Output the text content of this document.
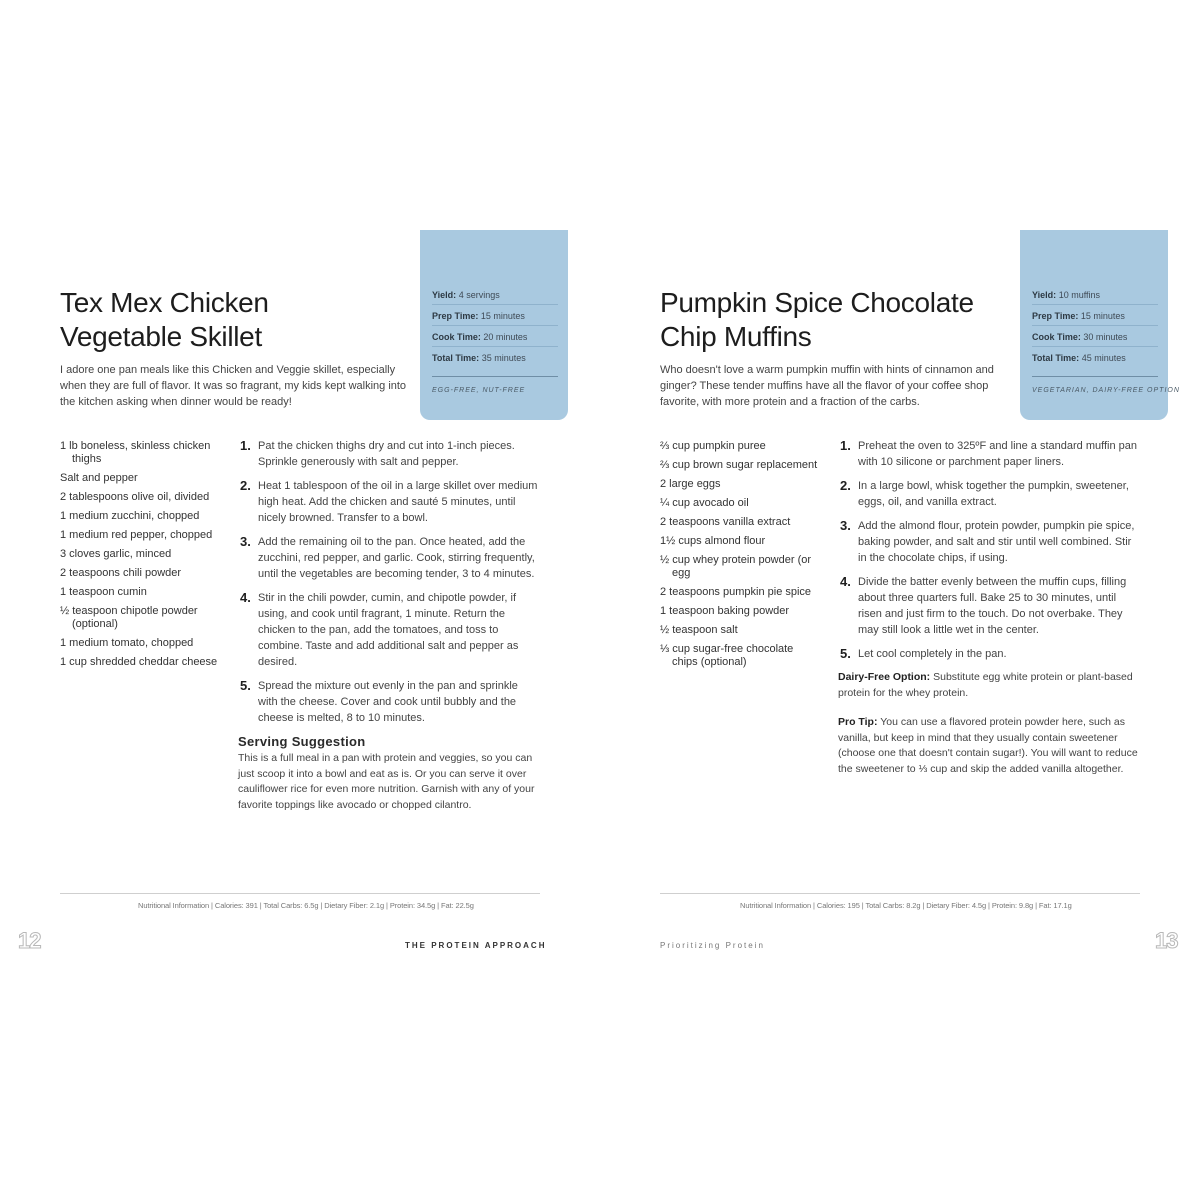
Yield: 4 servings
Prep Time: 15 minutes
Cook Time: 20 minutes
Total Time: 35 minutes
EGG-FREE, NUT-FREE
Tex Mex Chicken
Vegetable Skillet

I adore one pan meals like this Chicken and Veggie skillet, especially when they are full of flavor. It was so fragrant, my kids kept walking into the kitchen asking when dinner would be ready!

1 lb boneless, skinless chicken thighs
Salt and pepper
2 tablespoons olive oil, divided
1 medium zucchini, chopped
1 medium red pepper, chopped
3 cloves garlic, minced
2 teaspoons chili powder
1 teaspoon cumin
½ teaspoon chipotle powder (optional)
1 medium tomato, chopped
1 cup shredded cheddar cheese
1. Pat the chicken thighs dry and cut into 1-inch pieces. Sprinkle generously with salt and pepper.
2. Heat 1 tablespoon of the oil in a large skillet over medium high heat. Add the chicken and sauté 5 minutes, until nicely browned. Transfer to a bowl.
3. Add the remaining oil to the pan. Once heated, add the zucchini, red pepper, and garlic. Cook, stirring frequently, until the vegetables are becoming tender, 3 to 4 minutes.
4. Stir in the chili powder, cumin, and chipotle powder, if using, and cook until fragrant, 1 minute. Return the chicken to the pan, add the tomatoes, and toss to combine. Taste and add additional salt and pepper as desired.
5. Spread the mixture out evenly in the pan and sprinkle with the cheese. Cover and cook until bubbly and the cheese is melted, 8 to 10 minutes.
Serving Suggestion
This is a full meal in a pan with protein and veggies, so you can just scoop it into a bowl and eat as is. Or you can serve it over cauliflower rice for even more nutrition. Garnish with any of your favorite toppings like avocado or chopped cilantro.
Nutritional Information | Calories: 391 | Total Carbs: 6.5g | Dietary Fiber: 2.1g | Protein: 34.5g | Fat: 22.5g
12	THE PROTEIN APPROACH
Yield: 10 muffins
Prep Time: 15 minutes
Cook Time: 30 minutes
Total Time: 45 minutes
VEGETARIAN, DAIRY-FREE OPTION
Pumpkin Spice Chocolate
Chip Muffins

Who doesn't love a warm pumpkin muffin with hints of cinnamon and ginger? These tender muffins have all the flavor of your coffee shop favorite, with more protein and a fraction of the carbs.

⅔ cup pumpkin puree
⅔ cup brown sugar replacement
2 large eggs
¼ cup avocado oil
2 teaspoons vanilla extract
1½ cups almond flour
½ cup whey protein powder (or egg
2 teaspoons pumpkin pie spice
1 teaspoon baking powder
½ teaspoon salt
⅓ cup sugar-free chocolate chips (optional)
1. Preheat the oven to 325ºF and line a standard muffin pan with 10 silicone or parchment paper liners.
2. In a large bowl, whisk together the pumpkin, sweetener, eggs, oil, and vanilla extract.
3. Add the almond flour, protein powder, pumpkin pie spice, baking powder, and salt and stir until well combined. Stir in the chocolate chips, if using.
4. Divide the batter evenly between the muffin cups, filling about three quarters full. Bake 25 to 30 minutes, until risen and just firm to the touch. Do not overbake. They may still look a little wet in the center.
5. Let cool completely in the pan.
Dairy-Free Option: Substitute egg white protein or plant-based protein for the whey protein.
Pro Tip: You can use a flavored protein powder here, such as vanilla, but keep in mind that they usually contain sweetener (choose one that doesn't contain sugar!). You will want to reduce the sweetener to ⅓ cup and skip the added vanilla altogether.
Nutritional Information | Calories: 195 | Total Carbs: 8.2g | Dietary Fiber: 4.5g | Protein: 9.8g | Fat: 17.1g
13
Prioritizing Protein
